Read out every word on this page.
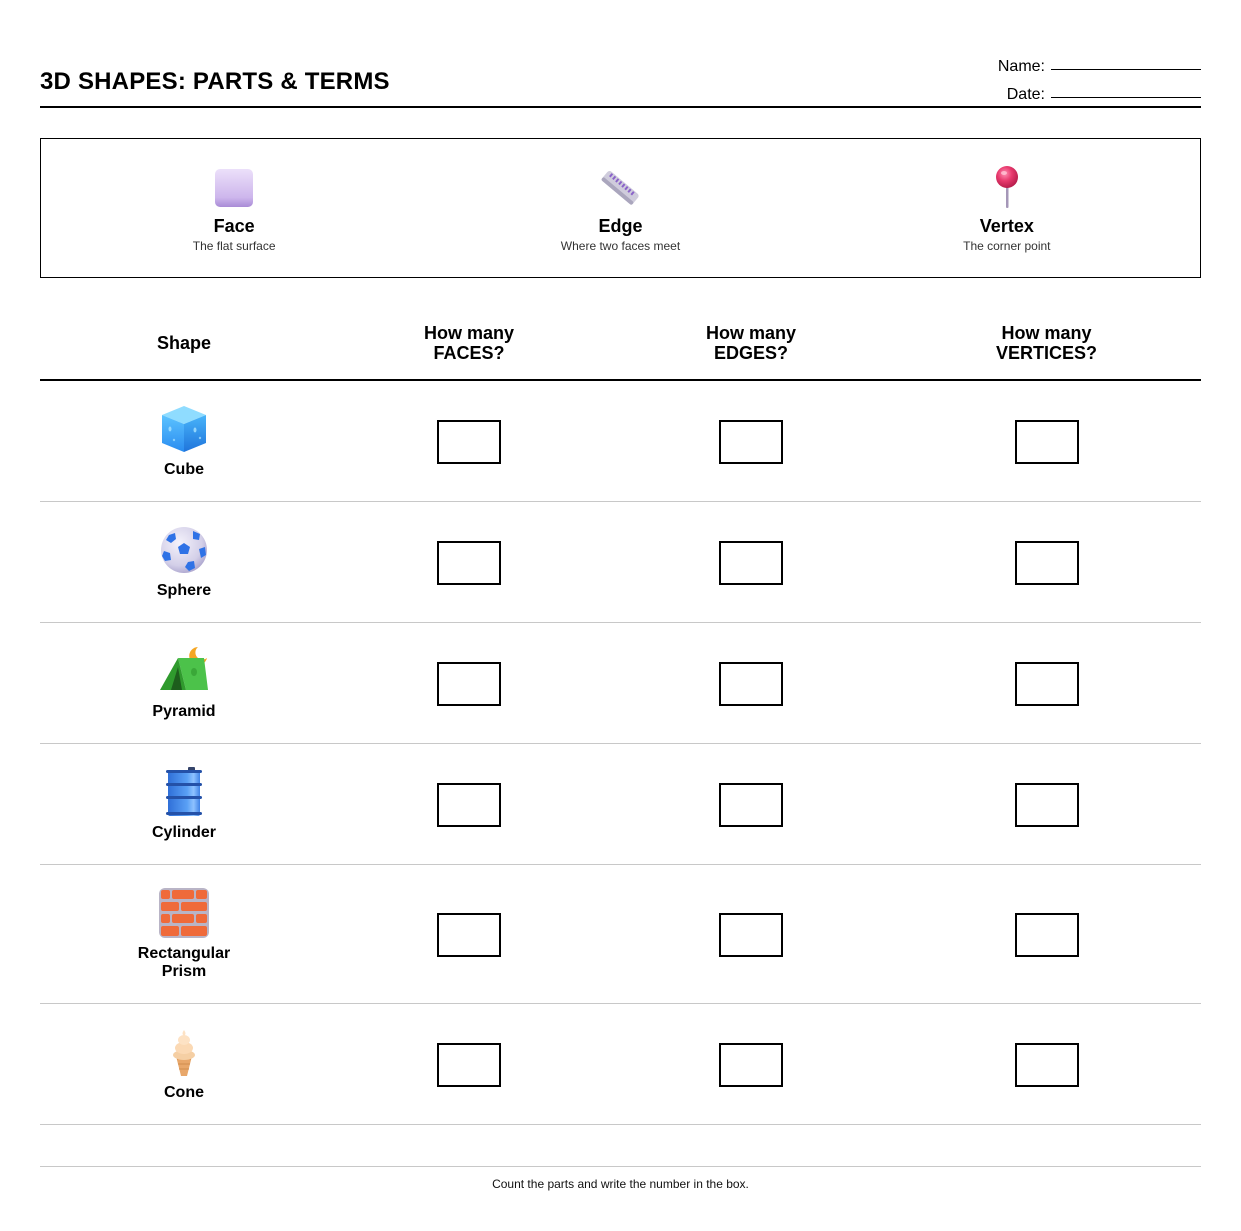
3D SHAPES: PARTS & TERMS
Name:
Date:
Face
The flat surface
Edge
Where two faces meet
Vertex
The corner point
Shape	How many
FACES?
How many
EDGES?
How many
VERTICES?
Cube
Sphere
Pyramid
Cylinder
Rectangular
Prism
Cone
Count the parts and write the number in the box.
